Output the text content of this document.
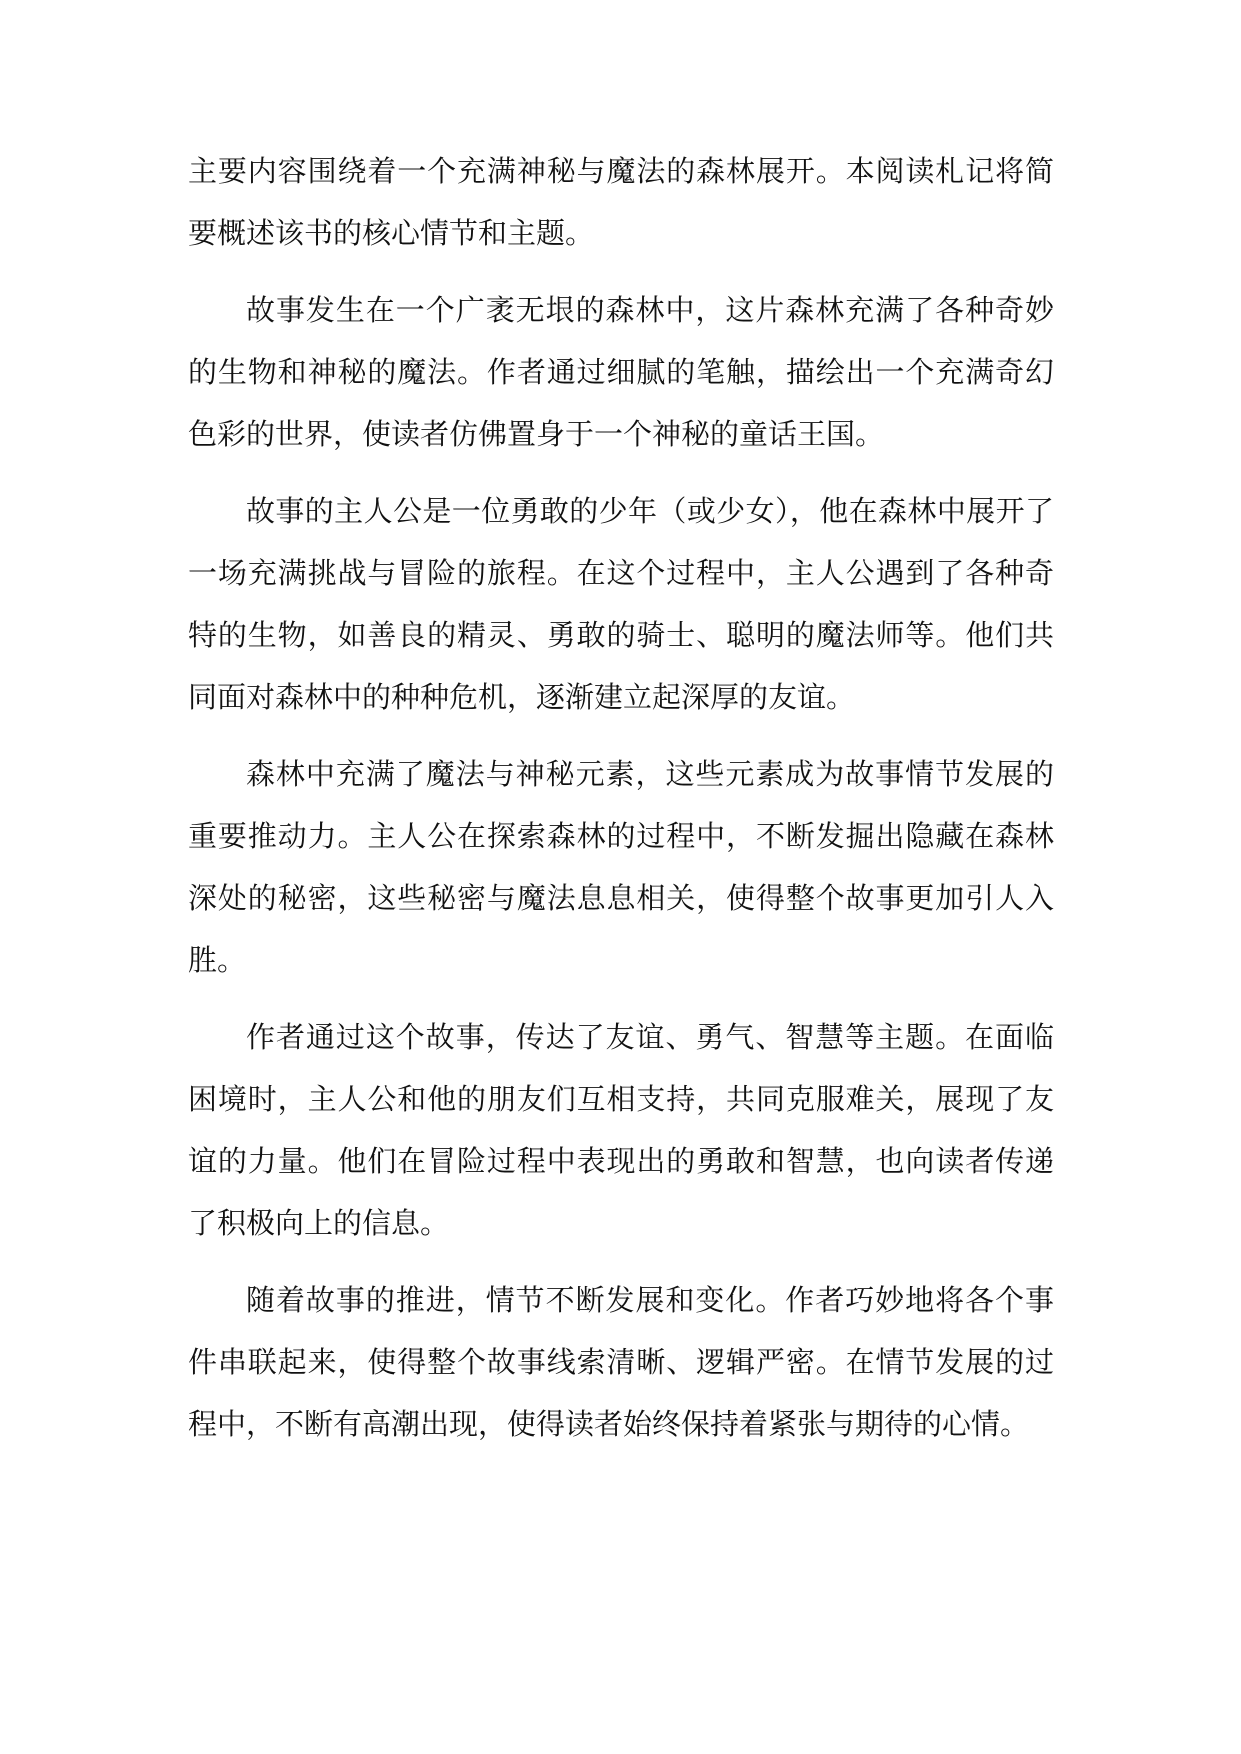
主要内容围绕着一个充满神秘与魔法的森林展开。本阅读札记将简要概述该书的核心情节和主题。

故事发生在一个广袤无垠的森林中，这片森林充满了各种奇妙的生物和神秘的魔法。作者通过细腻的笔触，描绘出一个充满奇幻色彩的世界，使读者仿佛置身于一个神秘的童话王国。

故事的主人公是一位勇敢的少年（或少女），他在森林中展开了一场充满挑战与冒险的旅程。在这个过程中，主人公遇到了各种奇特的生物，如善良的精灵、勇敢的骑士、聪明的魔法师等。他们共同面对森林中的种种危机，逐渐建立起深厚的友谊。

森林中充满了魔法与神秘元素，这些元素成为故事情节发展的重要推动力。主人公在探索森林的过程中，不断发掘出隐藏在森林深处的秘密，这些秘密与魔法息息相关，使得整个故事更加引人入胜。

作者通过这个故事，传达了友谊、勇气、智慧等主题。在面临困境时，主人公和他的朋友们互相支持，共同克服难关，展现了友谊的力量。他们在冒险过程中表现出的勇敢和智慧，也向读者传递了积极向上的信息。

随着故事的推进，情节不断发展和变化。作者巧妙地将各个事件串联起来，使得整个故事线索清晰、逻辑严密。在情节发展的过程中，不断有高潮出现，使得读者始终保持着紧张与期待的心情。
